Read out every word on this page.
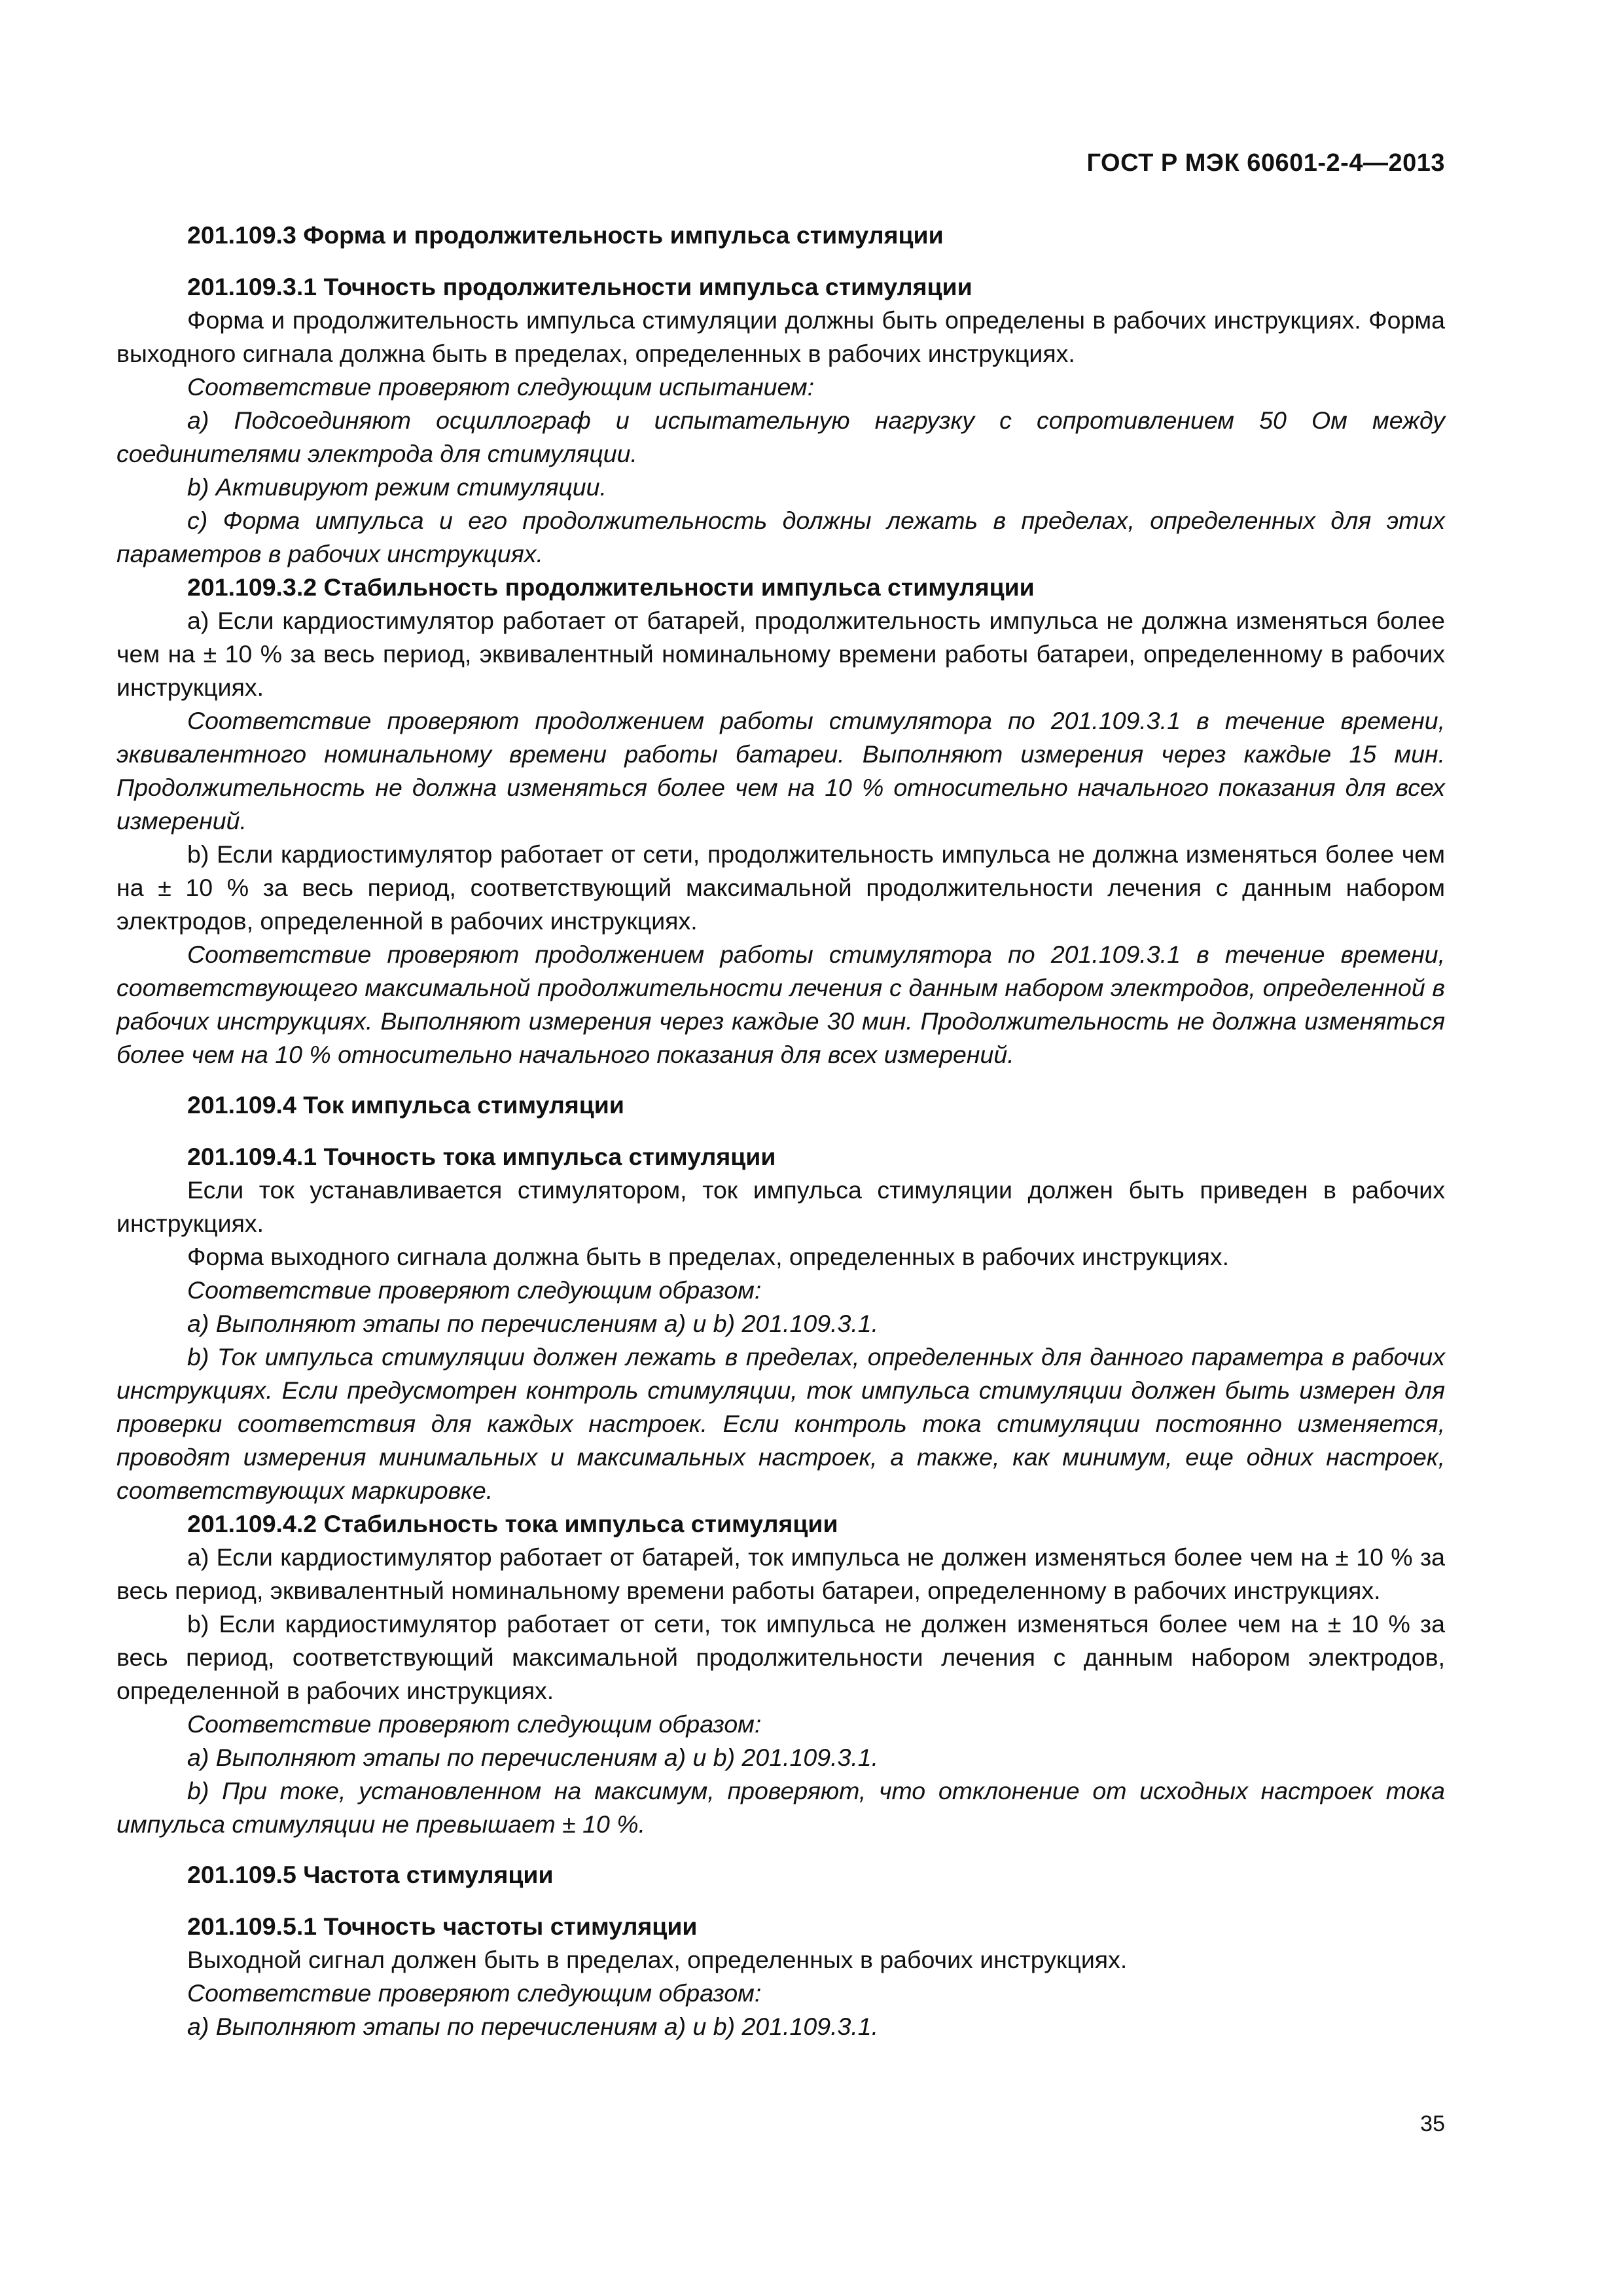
ГОСТ Р МЭК 60601-2-4—2013
201.109.3 Форма и продолжительность импульса стимуляции
201.109.3.1 Точность продолжительности импульса стимуляции

Форма и продолжительность импульса стимуляции должны быть определены в рабочих инструкциях. Форма выходного сигнала должна быть в пределах, определенных в рабочих инструкциях.

Соответствие проверяют следующим испытанием:

a) Подсоединяют осциллограф и испытательную нагрузку с сопротивлением 50 Ом между соединителями электрода для стимуляции.

b) Активируют режим стимуляции.

c) Форма импульса и его продолжительность должны лежать в пределах, определенных для этих параметров в рабочих инструкциях.

201.109.3.2 Стабильность продолжительности импульса стимуляции

a) Если кардиостимулятор работает от батарей, продолжительность импульса не должна изменяться более чем на ± 10 % за весь период, эквивалентный номинальному времени работы батареи, определенному в рабочих инструкциях.

Соответствие проверяют продолжением работы стимулятора по 201.109.3.1 в течение времени, эквивалентного номинальному времени работы батареи. Выполняют измерения через каждые 15 мин. Продолжительность не должна изменяться более чем на 10 % относительно начального показания для всех измерений.

b) Если кардиостимулятор работает от сети, продолжительность импульса не должна изменяться более чем на ± 10 % за весь период, соответствующий максимальной продолжительности лечения с данным набором электродов, определенной в рабочих инструкциях.

Соответствие проверяют продолжением работы стимулятора по 201.109.3.1 в течение времени, соответствующего максимальной продолжительности лечения с данным набором электродов, определенной в рабочих инструкциях. Выполняют измерения через каждые 30 мин. Продолжительность не должна изменяться более чем на 10 % относительно начального показания для всех измерений.

201.109.4 Ток импульса стимуляции
201.109.4.1 Точность тока импульса стимуляции

Если ток устанавливается стимулятором, ток импульса стимуляции должен быть приведен в рабочих инструкциях.

Форма выходного сигнала должна быть в пределах, определенных в рабочих инструкциях.

Соответствие проверяют следующим образом:

a) Выполняют этапы по перечислениям a) и b) 201.109.3.1.

b) Ток импульса стимуляции должен лежать в пределах, определенных для данного параметра в рабочих инструкциях. Если предусмотрен контроль стимуляции, ток импульса стимуляции должен быть измерен для проверки соответствия для каждых настроек. Если контроль тока стимуляции постоянно изменяется, проводят измерения минимальных и максимальных настроек, а также, как минимум, еще одних настроек, соответствующих маркировке.

201.109.4.2 Стабильность тока импульса стимуляции

a) Если кардиостимулятор работает от батарей, ток импульса не должен изменяться более чем на ± 10 % за весь период, эквивалентный номинальному времени работы батареи, определенному в рабочих инструкциях.

b) Если кардиостимулятор работает от сети, ток импульса не должен изменяться более чем на ± 10 % за весь период, соответствующий максимальной продолжительности лечения с данным набором электродов, определенной в рабочих инструкциях.

Соответствие проверяют следующим образом:

a) Выполняют этапы по перечислениям a) и b) 201.109.3.1.

b) При токе, установленном на максимум, проверяют, что отклонение от исходных настроек тока импульса стимуляции не превышает ± 10 %.

201.109.5 Частота стимуляции
201.109.5.1 Точность частоты стимуляции

Выходной сигнал должен быть в пределах, определенных в рабочих инструкциях.

Соответствие проверяют следующим образом:

a) Выполняют этапы по перечислениям a) и b) 201.109.3.1.

35
